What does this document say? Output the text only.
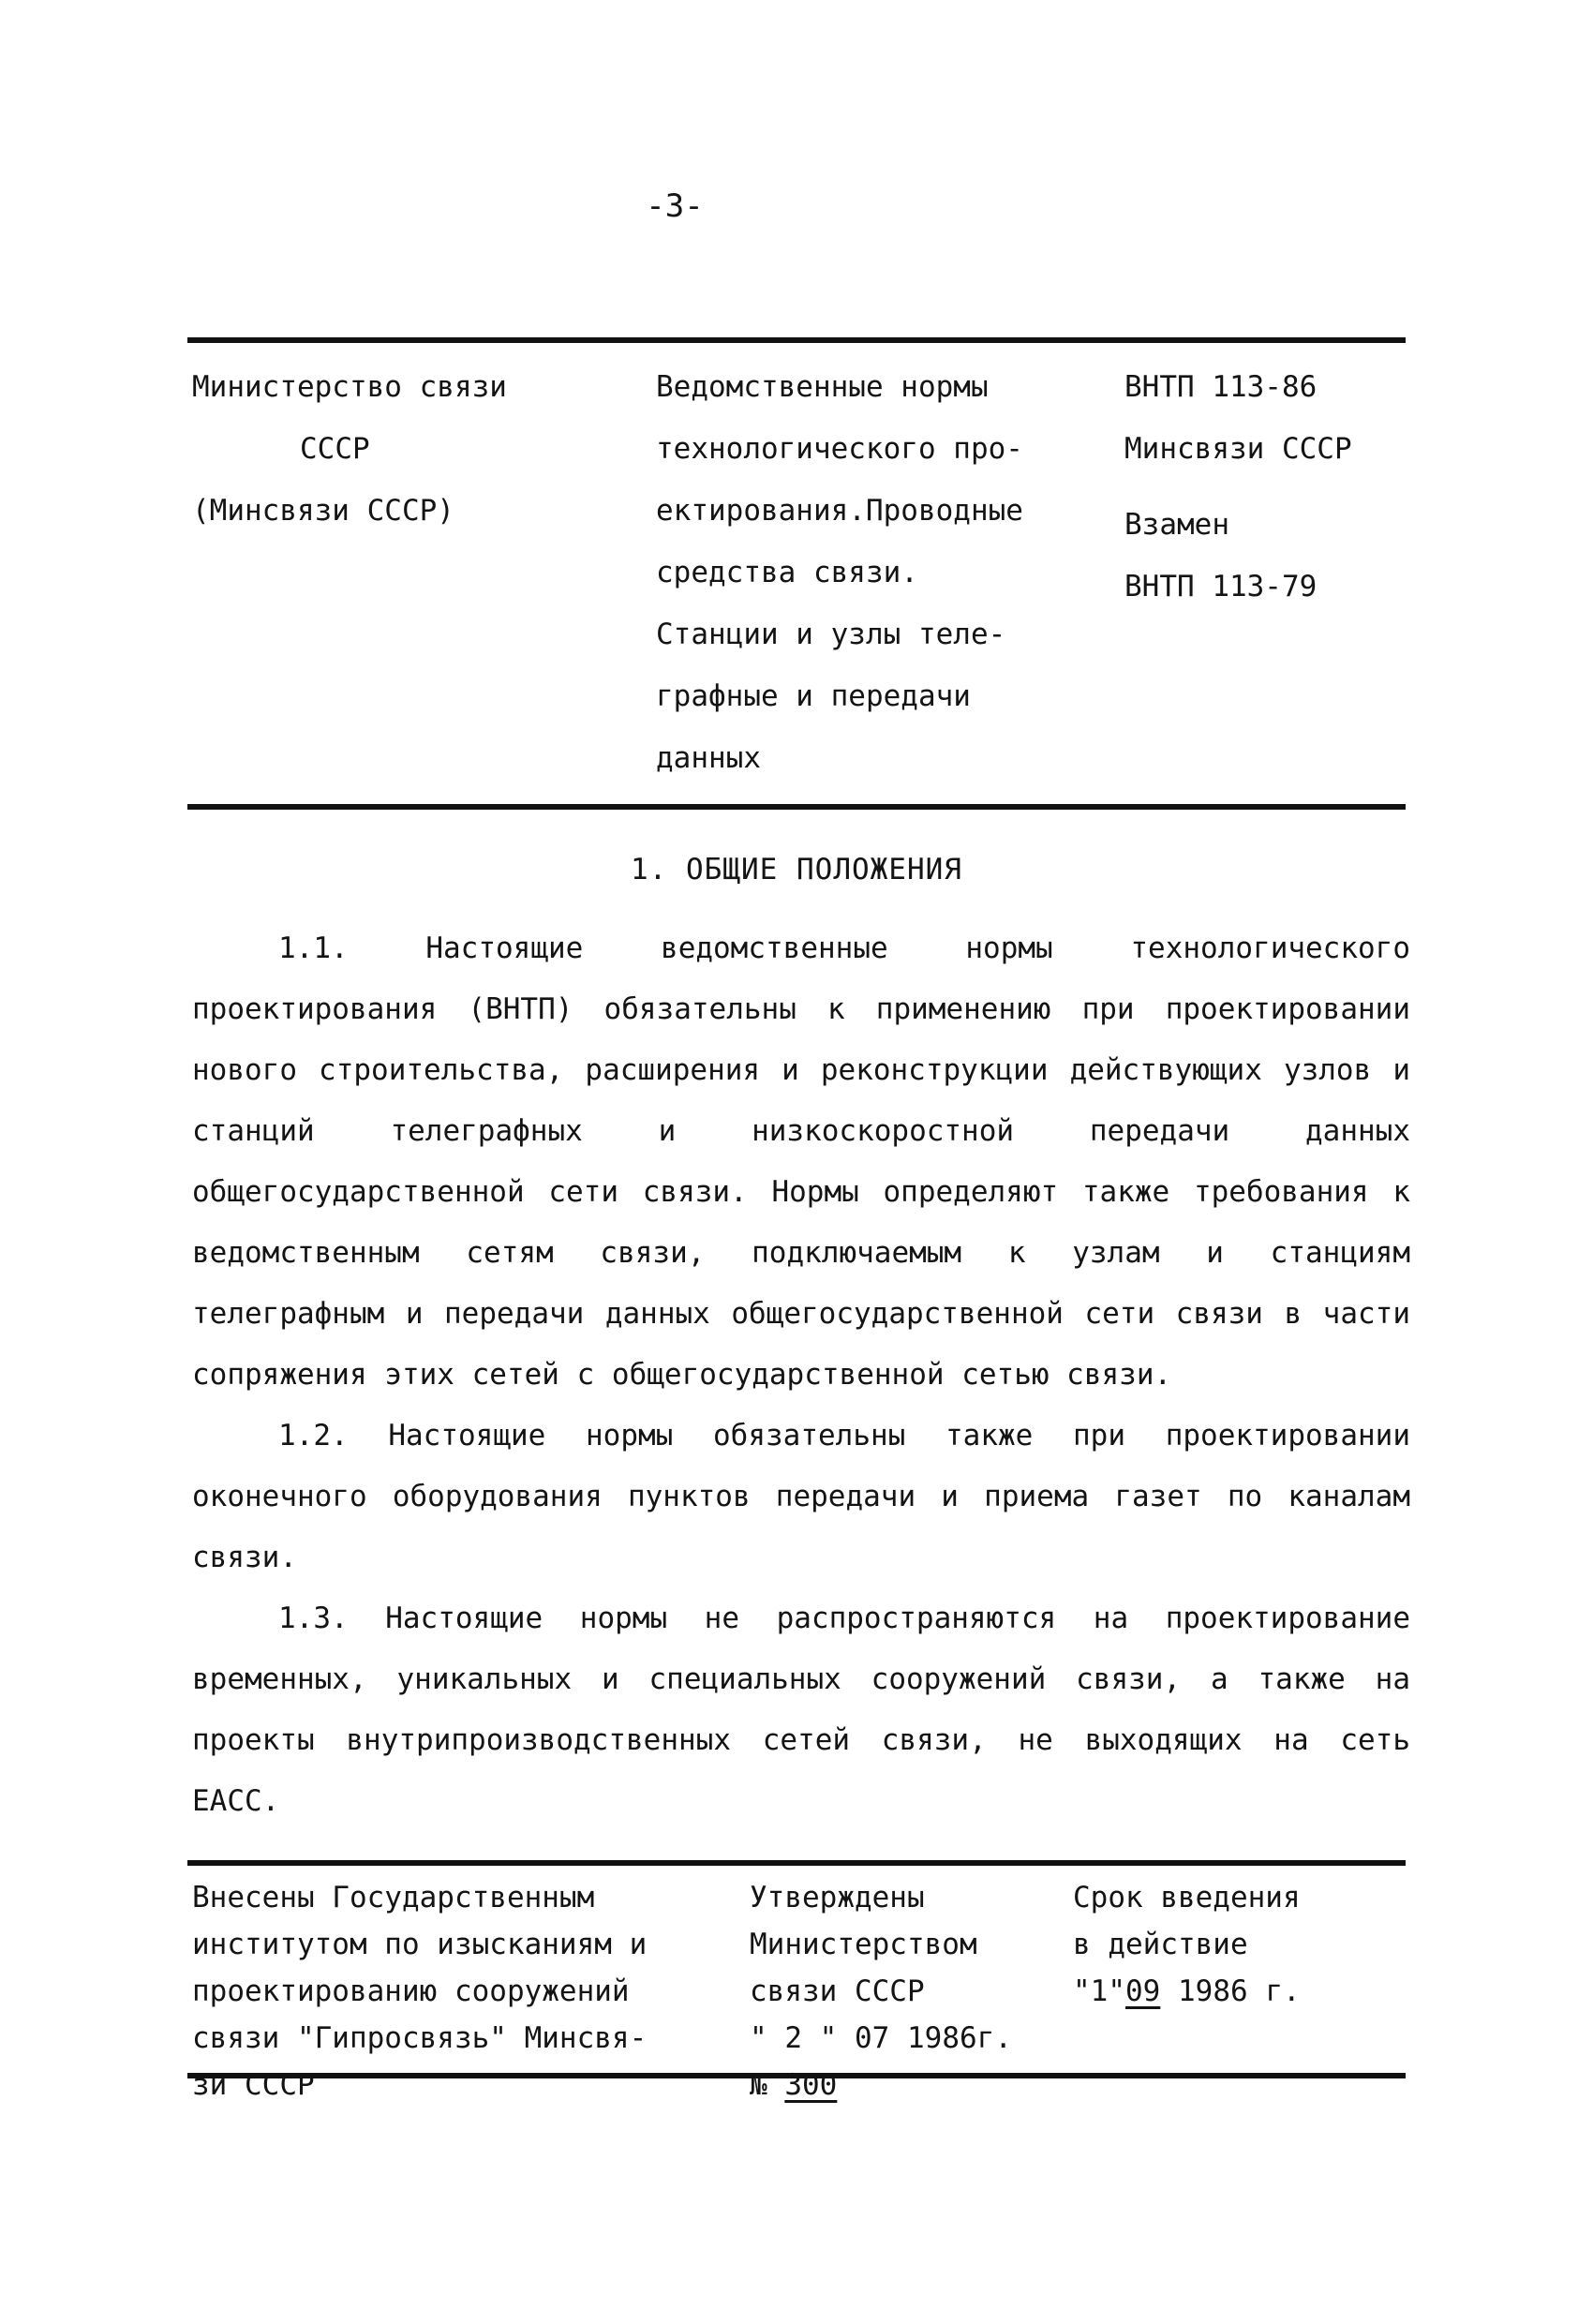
-3-
Министерство связи

СССР
(Минсвязи СССР)
Ведомственные нормы
технологического про-
ектирования.Проводные
средства связи.
Станции и узлы теле-
графные и передачи
данных
ВНТП 113-86
Минсвязи СССР

Взамен
ВНТП 113-79
1. ОБЩИЕ ПОЛОЖЕНИЯ

1.1. Настоящие ведомственные нормы технологического проектирования (ВНТП) обязательны к применению при проектировании нового строительства, расширения и реконструкции действующих узлов и станций телеграфных и низкоскоростной передачи данных общегосударственной сети связи. Нормы определяют также требования к ведомственным сетям связи, подключаемым к узлам и станциям телеграфным и передачи данных общегосударственной сети связи в части сопряжения этих сетей с общегосударственной сетью связи.

1.2. Настоящие нормы обязательны также при проектировании оконечного оборудования пунктов передачи и приема газет по каналам связи.

1.3. Настоящие нормы не распространяются на проектирование временных, уникальных и специальных сооружений связи, а также на проекты внутрипроизводственных сетей связи, не выходящих на сеть ЕАСС.

Внесены Государственным
институтом по изысканиям и
проектированию сооружений
связи "Гипросвязь" Минсвя-
зи СССР
Утверждены
Министерством
связи СССР
" 2 " 07 1986г.
№ 300
Срок введения
в действие
"1"09 1986 г.
